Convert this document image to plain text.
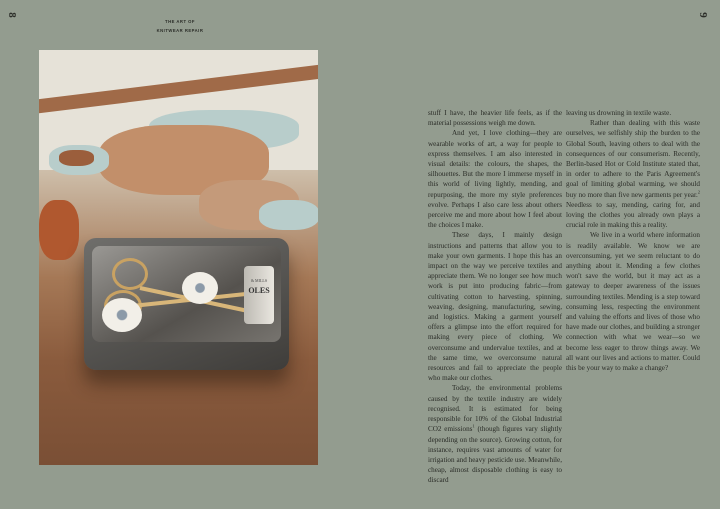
8	9
THE ART OF
KNITWEAR REPAIR
& MILLS
OLES

stuff I have, the heavier life feels, as if the material possessions weigh me down.

And yet, I love clothing—they are wearable works of art, a way for people to express themselves. I am also interested in visual details: the colours, the shapes, the silhouettes. But the more I immerse myself in this world of living lightly, mending, and repurposing, the more my style preferences evolve. Perhaps I also care less about others perceive me and more about how I feel about the choices I make.

These days, I mainly design instructions and patterns that allow you to make your own garments. I hope this has an impact on the way we perceive textiles and appreciate them. We no longer see how much work is put into producing fabric—from cultivating cotton to harvesting, spinning, weaving, designing, manufacturing, sewing, and logistics. Making a garment yourself offers a glimpse into the effort required for making every piece of clothing. We overconsume and undervalue textiles, and at the same time, we overconsume natural resources and fail to appreciate the people who make our clothes.

Today, the environmental problems caused by the textile industry are widely recognised. It is estimated for being responsible for 10% of the Global Industrial CO2 emissions$^1$ (though figures vary slightly depending on the source). Growing cotton, for instance, requires vast amounts of water for irrigation and heavy pesticide use. Meanwhile, cheap, almost disposable clothing is easy to discard

leaving us drowning in textile waste.

Rather than dealing with this waste ourselves, we selfishly ship the burden to the Global South, leaving others to deal with the consequences of our consumerism. Recently, Berlin-based Hot or Cold Institute stated that, in order to adhere to the Paris Agreement's goal of limiting global warming, we should buy no more than five new garments per year.$^2$ Needless to say, mending, caring for, and loving the clothes you already own plays a crucial role in making this a reality.

We live in a world where information is readily available. We know we are overconsuming, yet we seem reluctant to do anything about it. Mending a few clothes won't save the world, but it may act as a gateway to deeper awareness of the issues surrounding textiles. Mending is a step toward consuming less, respecting the environment and valuing the efforts and lives of those who have made our clothes, and building a stronger connection with what we wear—so we become less eager to throw things away. We all want our lives and actions to matter. Could this be your way to make a change?
